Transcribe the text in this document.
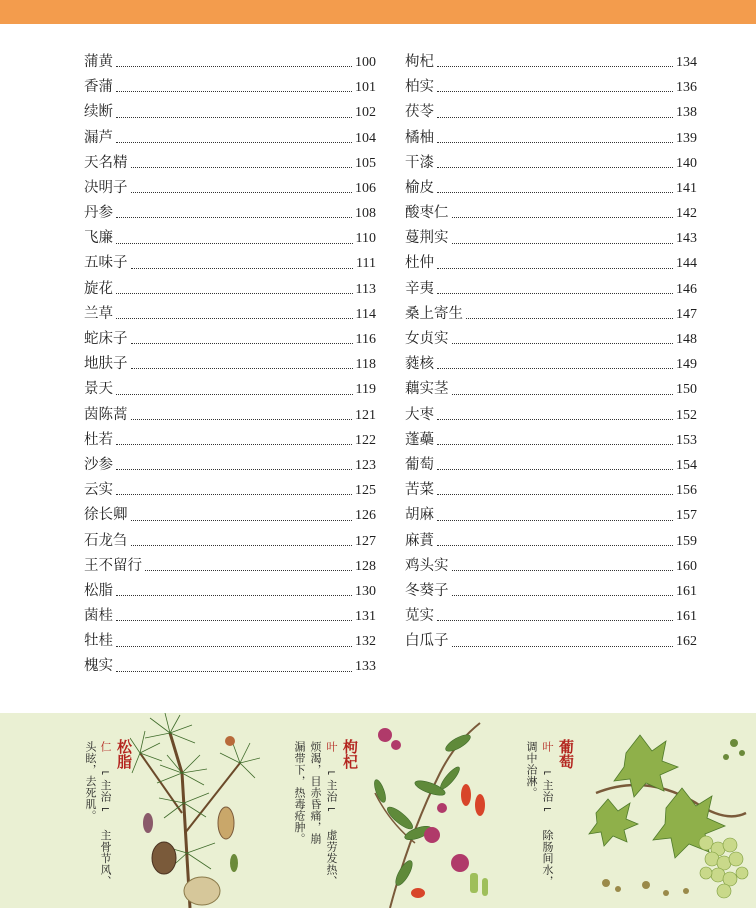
蒲黄	100
香蒲	101
续断	102
漏芦	104
天名精	105
决明子	106
丹参	108
飞廉	110
五味子	111
旋花	113
兰草	114
蛇床子	116
地肤子	118
景天	119
茵陈蒿	121
杜若	122
沙参	123
云实	125
徐长卿	126
石龙刍	127
王不留行	128
松脂	130
菌桂	131
牡桂	132
槐实	133
枸杞	134
柏实	136
茯苓	138
橘柚	139
干漆	140
榆皮	141
酸枣仁	142
蔓荆实	143
杜仲	144
辛夷	146
桑上寄生	147
女贞实	148
蕤核	149
藕实茎	150
大枣	152
蓬蘽	153
葡萄	154
苦菜	156
胡麻	157
麻蕡	159
鸡头实	160
冬葵子	161
苋实	161
白瓜子	162
松脂
仁 ⌐主治⌐ 主骨节风、
头眩，去死肌。	枸杞
叶 ⌐主治⌐ 虚劳发热、
烦渴，目赤昏痛，崩
漏带下，热毒疮肿。	葡萄
叶 ⌐主治⌐ 除肠间水，
调中治淋。
